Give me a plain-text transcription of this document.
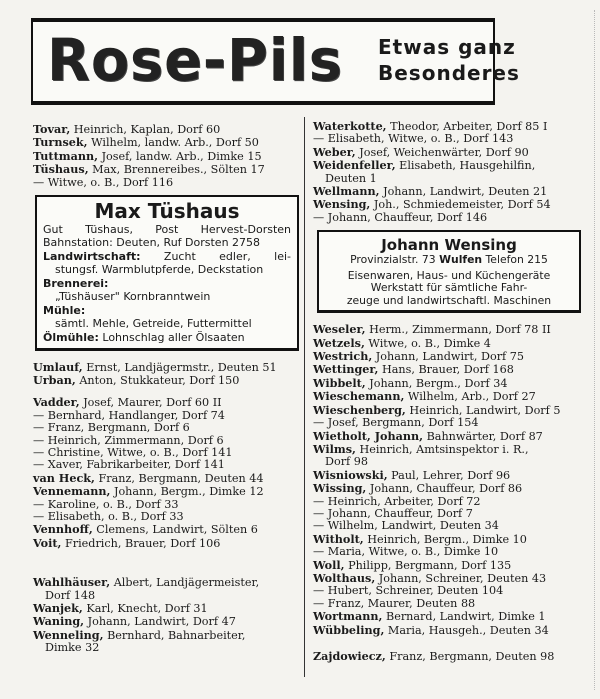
Rose-Pils Etwas ganz
Besonderes
Tovar, Heinrich, Kaplan, Dorf 60
Turnsek, Wilhelm, landw. Arb., Dorf 50
Tuttmann, Josef, landw. Arb., Dimke 15
Tüshaus, Max, Brennereibes., Sölten 17
— Witwe, o. B., Dorf 116
Max Tüshaus
Gut Tüshaus, Post Hervest-Dorsten
Bahnstation: Deuten, Ruf Dorsten 2758
Landwirtschaft: Zucht edler, lei-
stungsf. Warmblutpferde, Deckstation
Brennerei:
„Tüshäuser" Kornbranntwein
Mühle:
sämtl. Mehle, Getreide, Futtermittel
Ölmühle: Lohnschlag aller Ölsaaten
Umlauf, Ernst, Landjägermstr., Deuten 51
Urban, Anton, Stukkateur, Dorf 150
Vadder, Josef, Maurer, Dorf 60 II
— Bernhard, Handlanger, Dorf 74
— Franz, Bergmann, Dorf 6
— Heinrich, Zimmermann, Dorf 6
— Christine, Witwe, o. B., Dorf 141
— Xaver, Fabrikarbeiter, Dorf 141
van Heck, Franz, Bergmann, Deuten 44
Vennemann, Johann, Bergm., Dimke 12
— Karoline, o. B., Dorf 33
— Elisabeth, o. B., Dorf 33
Vennhoff, Clemens, Landwirt, Sölten 6
Voit, Friedrich, Brauer, Dorf 106
Wahlhäuser, Albert, Landjägermeister,
Dorf 148
Wanjek, Karl, Knecht, Dorf 31
Waning, Johann, Landwirt, Dorf 47
Wenneling, Bernhard, Bahnarbeiter,
Dimke 32
Waterkotte, Theodor, Arbeiter, Dorf 85 I
— Elisabeth, Witwe, o. B., Dorf 143
Weber, Josef, Weichenwärter, Dorf 90
Weidenfeller, Elisabeth, Hausgehilfin,
Deuten 1
Wellmann, Johann, Landwirt, Deuten 21
Wensing, Joh., Schmiedemeister, Dorf 54
— Johann, Chauffeur, Dorf 146
Johann Wensing
Provinzialstr. 73 Wulfen Telefon 215
Eisenwaren, Haus- und Küchengeräte
Werkstatt für sämtliche Fahr-
zeuge und landwirtschaftl. Maschinen
Weseler, Herm., Zimmermann, Dorf 78 II
Wetzels, Witwe, o. B., Dimke 4
Westrich, Johann, Landwirt, Dorf 75
Wettinger, Hans, Brauer, Dorf 168
Wibbelt, Johann, Bergm., Dorf 34
Wieschemann, Wilhelm, Arb., Dorf 27
Wieschenberg, Heinrich, Landwirt, Dorf 5
— Josef, Bergmann, Dorf 154
Wietholt, Johann, Bahnwärter, Dorf 87
Wilms, Heinrich, Amtsinspektor i. R.,
Dorf 98
Wisniowski, Paul, Lehrer, Dorf 96
Wissing, Johann, Chauffeur, Dorf 86
— Heinrich, Arbeiter, Dorf 72
— Johann, Chauffeur, Dorf 7
— Wilhelm, Landwirt, Deuten 34
Witholt, Heinrich, Bergm., Dimke 10
— Maria, Witwe, o. B., Dimke 10
Woll, Philipp, Bergmann, Dorf 135
Wolthaus, Johann, Schreiner, Deuten 43
— Hubert, Schreiner, Deuten 104
— Franz, Maurer, Deuten 88
Wortmann, Bernard, Landwirt, Dimke 1
Wübbeling, Maria, Hausgeh., Deuten 34
Zajdowiecz, Franz, Bergmann, Deuten 98
